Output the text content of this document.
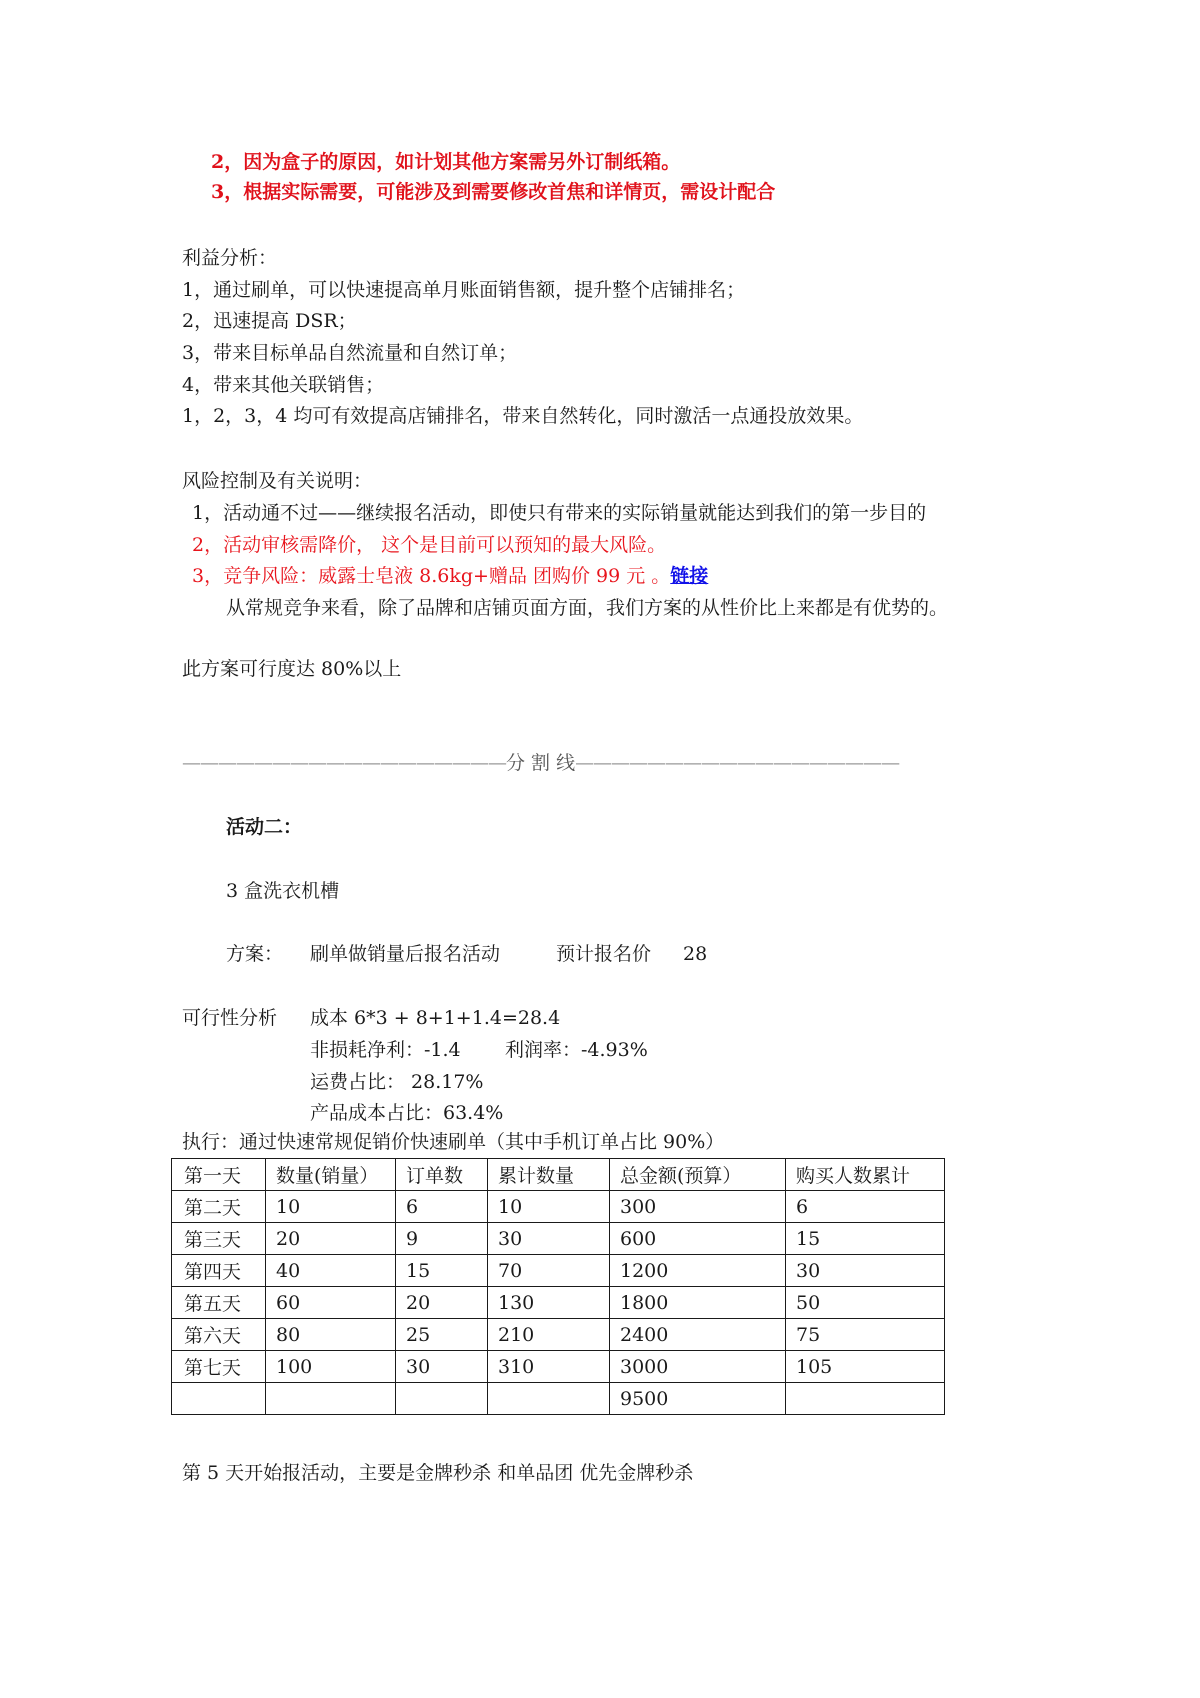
2，因为盒子的原因，如计划其他方案需另外订制纸箱。
3，根据实际需要，可能涉及到需要修改首焦和详情页，需设计配合
利益分析：
1，通过刷单，可以快速提高单月账面销售额，提升整个店铺排名；
2，迅速提高 DSR；
3，带来目标单品自然流量和自然订单；
4，带来其他关联销售；
1，2，3，4 均可有效提高店铺排名，带来自然转化，同时激活一点通投放效果。
风险控制及有关说明：
1，活动通不过——继续报名活动，即使只有带来的实际销量就能达到我们的第一步目的
2，活动审核需降价， 这个是目前可以预知的最大风险。
3，竞争风险：威露士皂液 8.6kg+赠品 团购价 99 元 。链接
从常规竞争来看，除了品牌和店铺页面方面，我们方案的从性价比上来都是有优势的。
此方案可行度达 80%以上
——————————————————分 割 线——————————————————
活动二：
3 盒洗衣机槽
方案： 刷单做销量后报名活动	预计报名价 28
可行性分析 成本 6*3 + 8+1+1.4=28.4
非损耗净利：-1.4 利润率：-4.93%
运费占比： 28.17%
产品成本占比：63.4%
执行：通过快速常规促销价快速刷单（其中手机订单占比 90%）
第一天	数量(销量）	订单数	累计数量	总金额(预算）	购买人数累计
第二天	10	6	10	300	6
第三天	20	9	30	600	15
第四天	40	15	70	1200	30
第五天	60	20	130	1800	50
第六天	80	25	210	2400	75
第七天	100	30	310	3000	105
				9500	
第 5 天开始报活动，主要是金牌秒杀 和单品团 优先金牌秒杀
